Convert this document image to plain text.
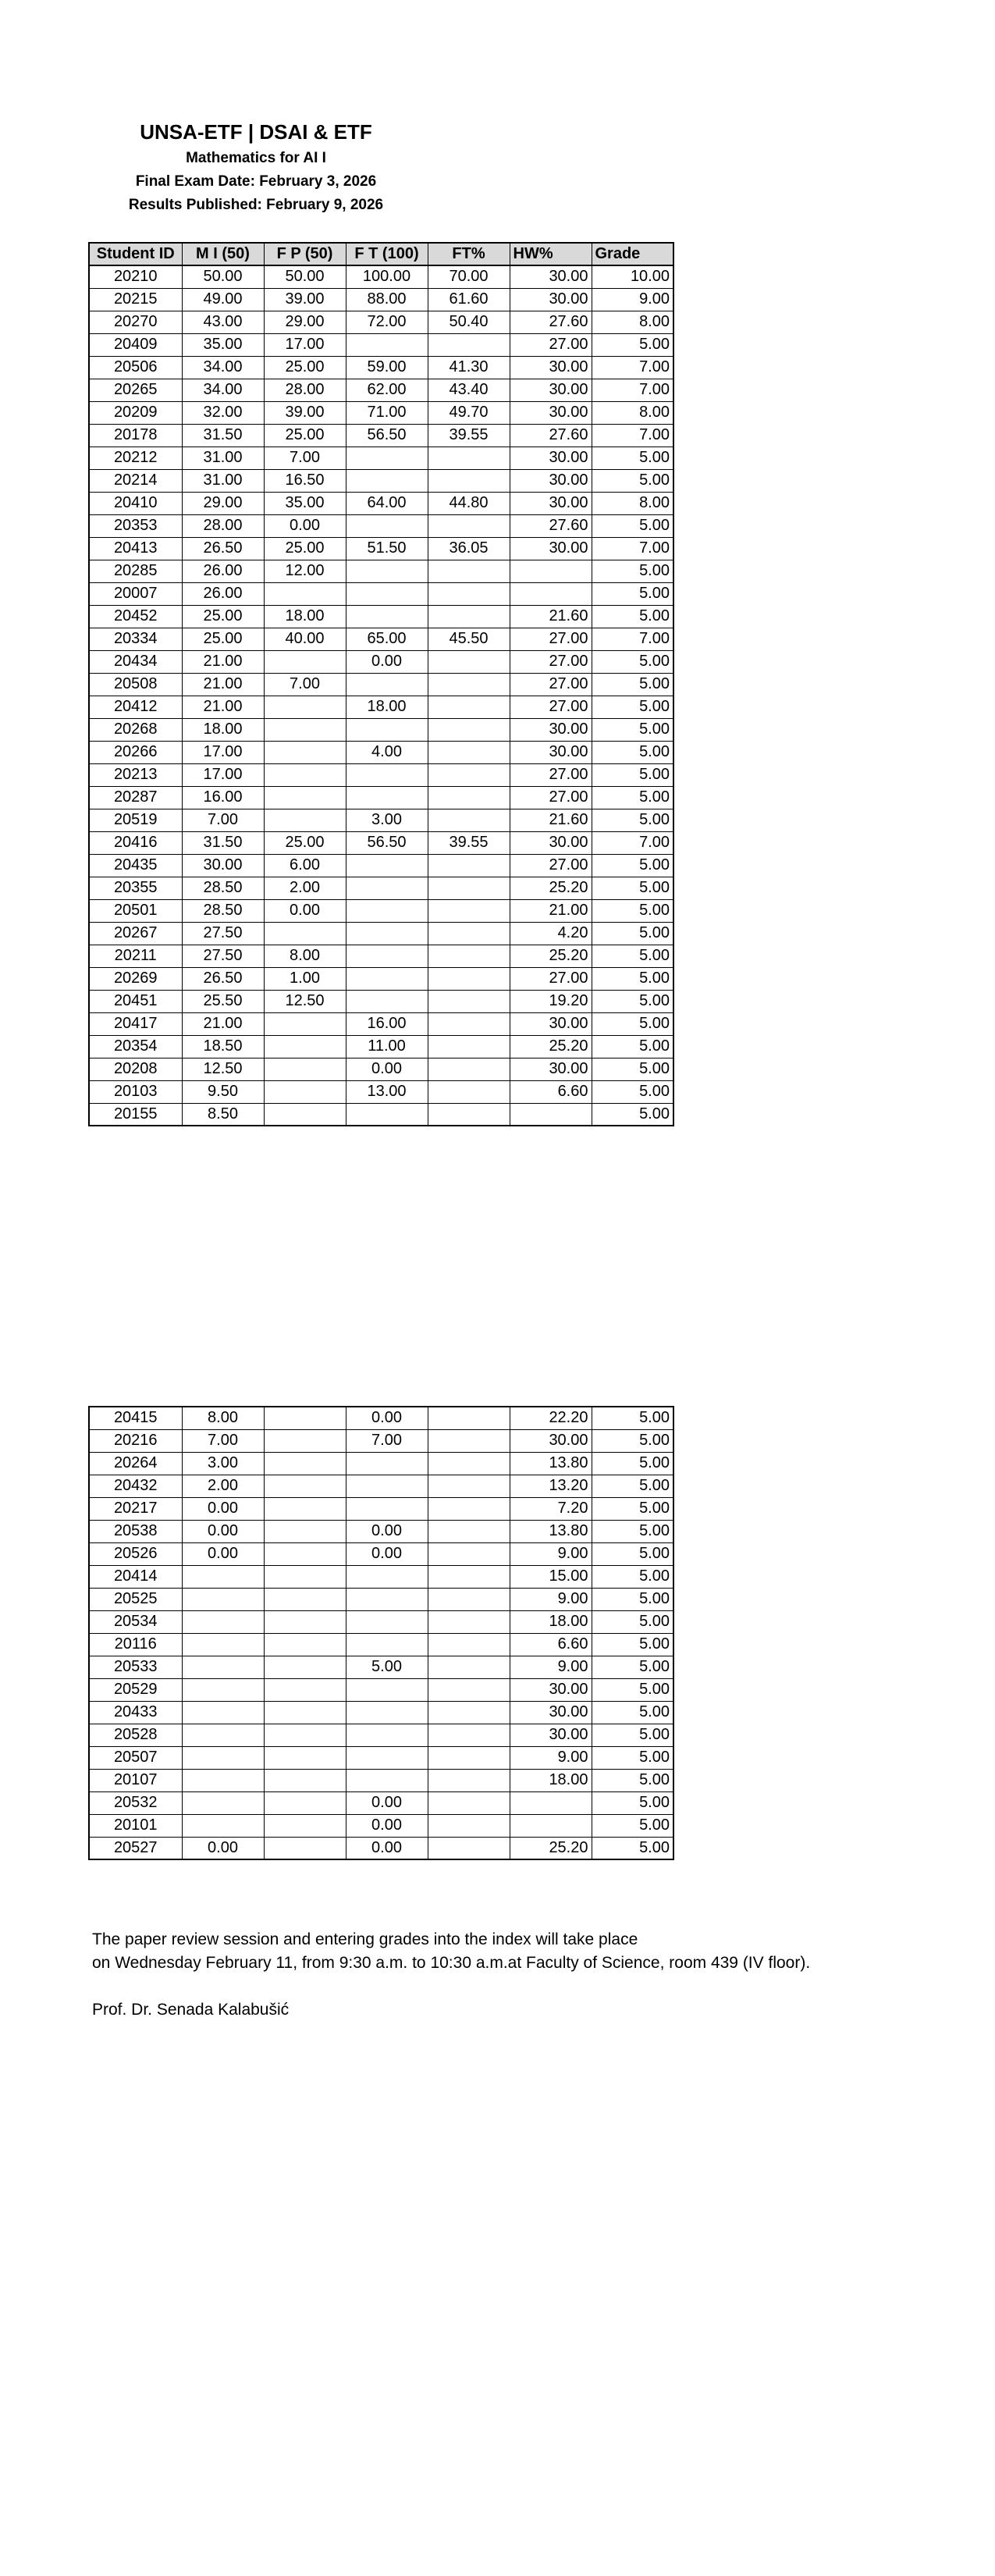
UNSA-ETF | DSAI & ETF
Mathematics for AI I
Final Exam Date: February 3, 2026
Results Published: February 9, 2026
Student ID	M I (50)	F P (50)	F T (100)	FT%	HW%	Grade
20210	50.00	50.00	100.00	70.00	30.00	10.00
20215	49.00	39.00	88.00	61.60	30.00	9.00
20270	43.00	29.00	72.00	50.40	27.60	8.00
20409	35.00	17.00			27.00	5.00
20506	34.00	25.00	59.00	41.30	30.00	7.00
20265	34.00	28.00	62.00	43.40	30.00	7.00
20209	32.00	39.00	71.00	49.70	30.00	8.00
20178	31.50	25.00	56.50	39.55	27.60	7.00
20212	31.00	7.00			30.00	5.00
20214	31.00	16.50			30.00	5.00
20410	29.00	35.00	64.00	44.80	30.00	8.00
20353	28.00	0.00			27.60	5.00
20413	26.50	25.00	51.50	36.05	30.00	7.00
20285	26.00	12.00				5.00
20007	26.00					5.00
20452	25.00	18.00			21.60	5.00
20334	25.00	40.00	65.00	45.50	27.00	7.00
20434	21.00		0.00		27.00	5.00
20508	21.00	7.00			27.00	5.00
20412	21.00		18.00		27.00	5.00
20268	18.00				30.00	5.00
20266	17.00		4.00		30.00	5.00
20213	17.00				27.00	5.00
20287	16.00				27.00	5.00
20519	7.00		3.00		21.60	5.00
20416	31.50	25.00	56.50	39.55	30.00	7.00
20435	30.00	6.00			27.00	5.00
20355	28.50	2.00			25.20	5.00
20501	28.50	0.00			21.00	5.00
20267	27.50				4.20	5.00
20211	27.50	8.00			25.20	5.00
20269	26.50	1.00			27.00	5.00
20451	25.50	12.50			19.20	5.00
20417	21.00		16.00		30.00	5.00
20354	18.50		11.00		25.20	5.00
20208	12.50		0.00		30.00	5.00
20103	9.50		13.00		6.60	5.00
20155	8.50					5.00
20415	8.00		0.00		22.20	5.00
20216	7.00		7.00		30.00	5.00
20264	3.00				13.80	5.00
20432	2.00				13.20	5.00
20217	0.00				7.20	5.00
20538	0.00		0.00		13.80	5.00
20526	0.00		0.00		9.00	5.00
20414					15.00	5.00
20525					9.00	5.00
20534					18.00	5.00
20116					6.60	5.00
20533			5.00		9.00	5.00
20529					30.00	5.00
20433					30.00	5.00
20528					30.00	5.00
20507					9.00	5.00
20107					18.00	5.00
20532			0.00			5.00
20101			0.00			5.00
20527	0.00		0.00		25.20	5.00
The paper review session and entering grades into the index will take place
on Wednesday February 11, from 9:30 a.m. to 10:30 a.m.at Faculty of Science, room 439 (IV floor).
Prof. Dr. Senada Kalabušić
